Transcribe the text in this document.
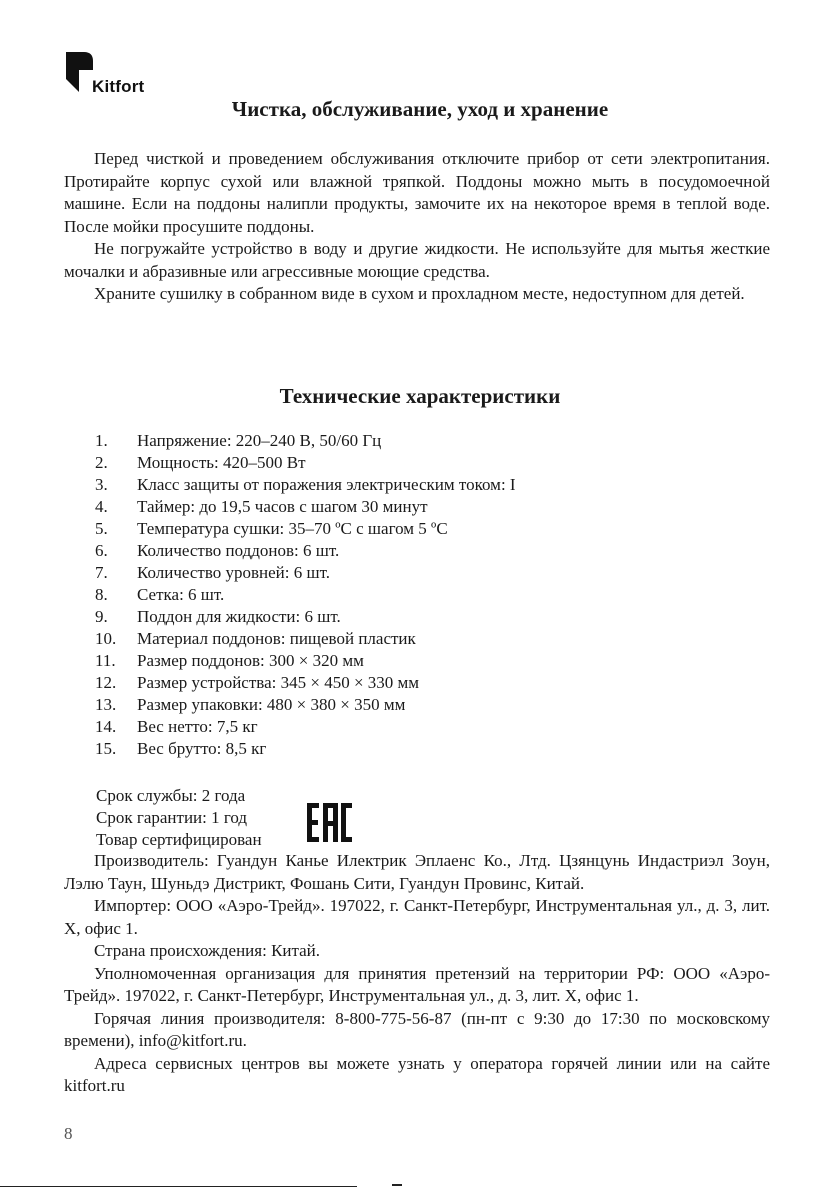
Kitfort
Чистка, обслуживание, уход и хранение

Перед чисткой и проведением обслуживания отключите прибор от сети электропитания. Протирайте корпус сухой или влажной тряпкой. Поддоны можно мыть в посудомоечной машине. Если на поддоны налипли продукты, замочите их на некоторое время в теплой воде. После мойки просушите поддоны.

Не погружайте устройство в воду и другие жидкости. Не используйте для мытья жесткие мочалки и абразивные или агрессивные моющие средства.

Храните сушилку в собранном виде в сухом и прохладном месте, недоступном для детей.

Технические характеристики
1.	Напряжение: 220–240 В, 50/60 Гц
2.	Мощность: 420–500 Вт
3.	Класс защиты от поражения электрическим током: I
4.	Таймер: до 19,5 часов с шагом 30 минут
5.	Температура сушки: 35–70 ºС с шагом 5 ºС
6.	Количество поддонов: 6 шт.
7.	Количество уровней: 6 шт.
8.	Сетка: 6 шт.
9.	Поддон для жидкости: 6 шт.
10.	Материал поддонов: пищевой пластик
11.	Размер поддонов: 300 × 320 мм
12.	Размер устройства: 345 × 450 × 330 мм
13.	Размер упаковки: 480 × 380 × 350 мм
14.	Вес нетто: 7,5 кг
15.	Вес брутто: 8,5 кг
Срок службы: 2 года
Срок гарантии: 1 год
Товар сертифицирован

Производитель: Гуандун Канье Илектрик Эплаенс Ко., Лтд. Цзянцунь Индастриэл Зоун, Лэлю Таун, Шуньдэ Дистрикт, Фошань Сити, Гуандун Провинс, Китай.

Импортер: ООО «Аэро-Трейд». 197022, г. Санкт-Петербург, Инструментальная ул., д. 3, лит. Х, офис 1.

Страна происхождения: Китай.

Уполномоченная организация для принятия претензий на территории РФ: ООО «Аэро-Трейд». 197022, г. Санкт-Петербург, Инструментальная ул., д. 3, лит. Х, офис 1.

Горячая линия производителя: 8-800-775-56-87 (пн-пт с 9:30 до 17:30 по московскому времени), info@kitfort.ru.

Адреса сервисных центров вы можете узнать у оператора горячей линии или на сайте kitfort.ru

8
